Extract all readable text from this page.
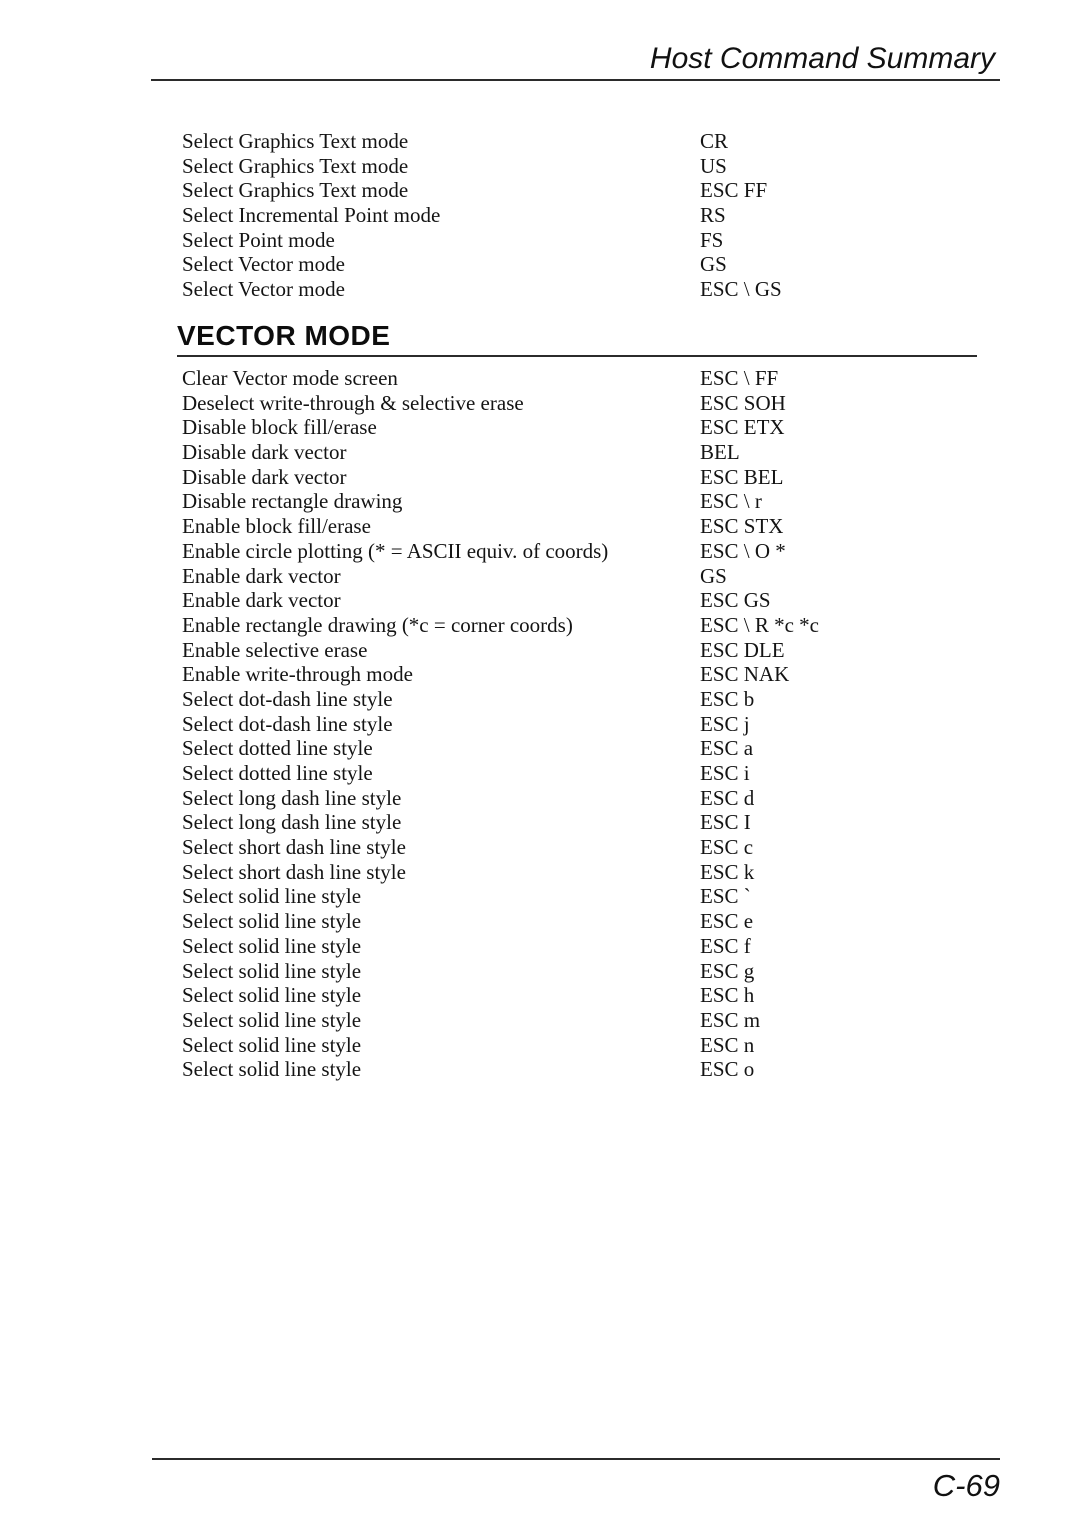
Host Command Summary
Select Graphics Text mode	CR
Select Graphics Text mode	US
Select Graphics Text mode	ESC FF
Select Incremental Point mode	RS
Select Point mode	FS
Select Vector mode	GS
Select Vector mode	ESC \ GS
VECTOR MODE
Clear Vector mode screen	ESC \ FF
Deselect write-through & selective erase	ESC SOH
Disable block fill/erase	ESC ETX
Disable dark vector	BEL
Disable dark vector	ESC BEL
Disable rectangle drawing	ESC \ r
Enable block fill/erase	ESC STX
Enable circle plotting (* = ASCII equiv. of coords)	ESC \ O *
Enable dark vector	GS
Enable dark vector	ESC GS
Enable rectangle drawing (*c = corner coords)	ESC \ R *c *c
Enable selective erase	ESC DLE
Enable write-through mode	ESC NAK
Select dot-dash line style	ESC b
Select dot-dash line style	ESC j
Select dotted line style	ESC a
Select dotted line style	ESC i
Select long dash line style	ESC d
Select long dash line style	ESC I
Select short dash line style	ESC c
Select short dash line style	ESC k
Select solid line style	ESC `
Select solid line style	ESC e
Select solid line style	ESC f
Select solid line style	ESC g
Select solid line style	ESC h
Select solid line style	ESC m
Select solid line style	ESC n
Select solid line style	ESC o
C-69
